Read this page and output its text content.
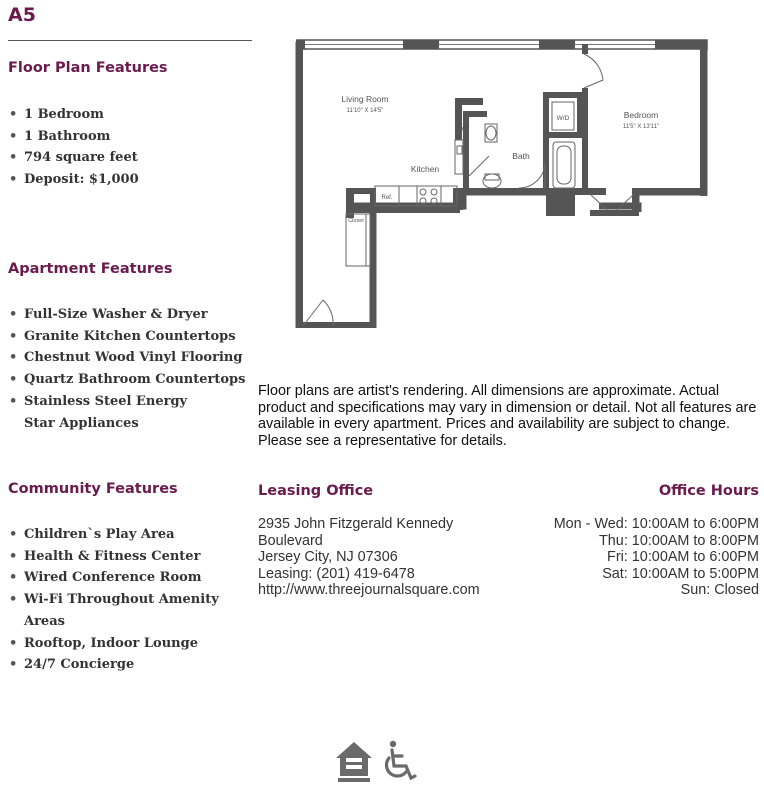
A5
Floor Plan Features
• 1 Bedroom
• 1 Bathroom
• 794 square feet
• Deposit: $1,000
Apartment Features
• Full-Size Washer & Dryer
• Granite Kitchen Countertops
• Chestnut Wood Vinyl Flooring
• Quartz Bathroom Countertops
• Stainless Steel Energy Star Appliances
Community Features
• Children`s Play Area
• Health & Fitness Center
• Wired Conference Room
• Wi-Fi Throughout Amenity Areas
• Rooftop, Indoor Lounge
• 24/7 Concierge
Living Room
11'10" X 14'5"	Bedroom
11'5" X 13'11"
Kitchen
Bath
DW
W/D
Ref.
Closet
Closet
Floor plans are artist's rendering. All dimensions are approximate. Actual product and specifications may vary in dimension or detail. Not all features are available in every apartment. Prices and availability are subject to change. Please see a representative for details.
Leasing Office	Office Hours
2935 John Fitzgerald Kennedy
Boulevard
Jersey City, NJ 07306
Leasing: (201) 419-6478
http://www.threejournalsquare.com
Mon - Wed: 10:00AM to 6:00PM
Thu: 10:00AM to 8:00PM
Fri: 10:00AM to 6:00PM
Sat: 10:00AM to 5:00PM
Sun: Closed
